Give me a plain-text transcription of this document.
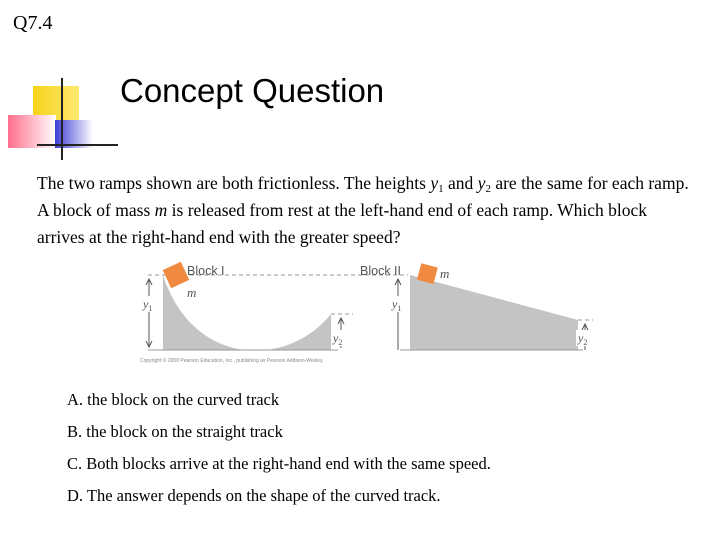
Q7.4
Concept Question
The two ramps shown are both frictionless. The heights $y_1$ and $y_2$ are the same for each ramp. A block of mass m is released from rest at the left-hand end of each ramp. Which block arrives at the right-hand end with the greater speed?
Block I
m
$y_1$
$y_2$
Block II	m
$y_1$
$y_2$
Copyright © 2008 Pearson Education, Inc., publishing as Pearson Addison-Wesley.
A. the block on the curved track
B. the block on the straight track
C. Both blocks arrive at the right-hand end with the same speed.
D. The answer depends on the shape of the curved track.
